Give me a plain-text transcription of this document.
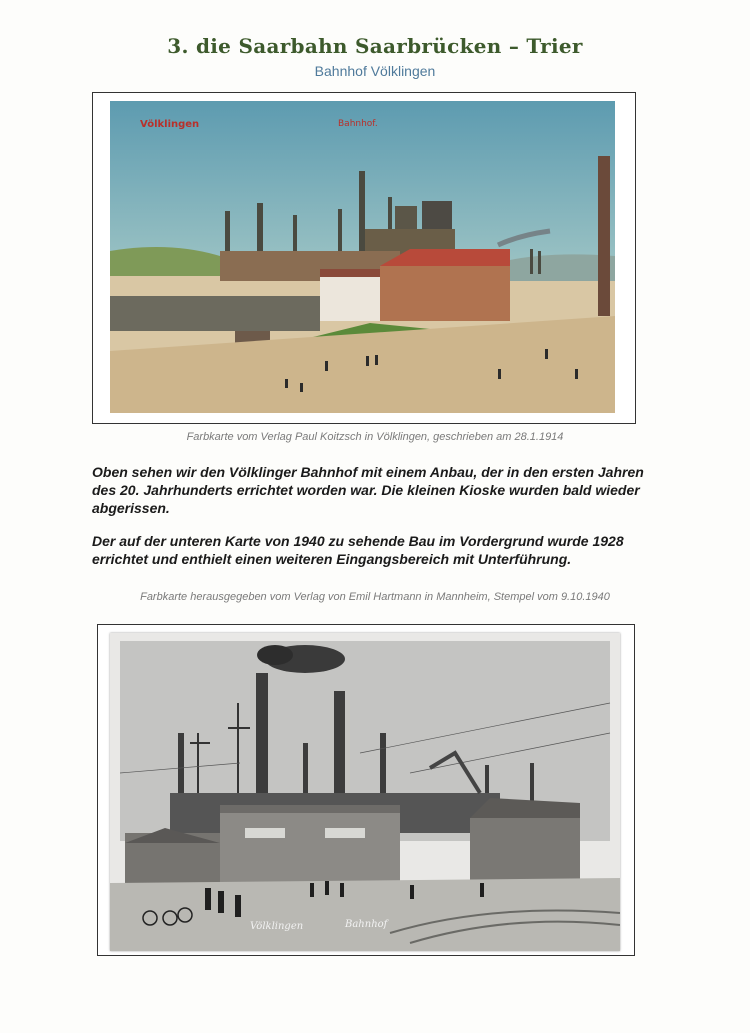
3. die Saarbahn Saarbrücken – Trier
Bahnhof Völklingen
Völklingen	Bahnhof.
Farbkarte vom Verlag Paul Koitzsch in Völklingen, geschrieben am 28.1.1914

Oben sehen wir den Völklinger Bahnhof mit einem Anbau, der in den ersten Jahren des 20. Jahrhunderts errichtet worden war. Die kleinen Kioske wurden bald wieder abgerissen.

Der auf der unteren Karte von 1940 zu sehende Bau im Vordergrund wurde 1928 errichtet und enthielt einen weiteren Eingangsbereich mit Unterführung.

Farbkarte herausgegeben vom Verlag von Emil Hartmann in Mannheim, Stempel vom 9.10.1940
Völklingen	Bahnhof
